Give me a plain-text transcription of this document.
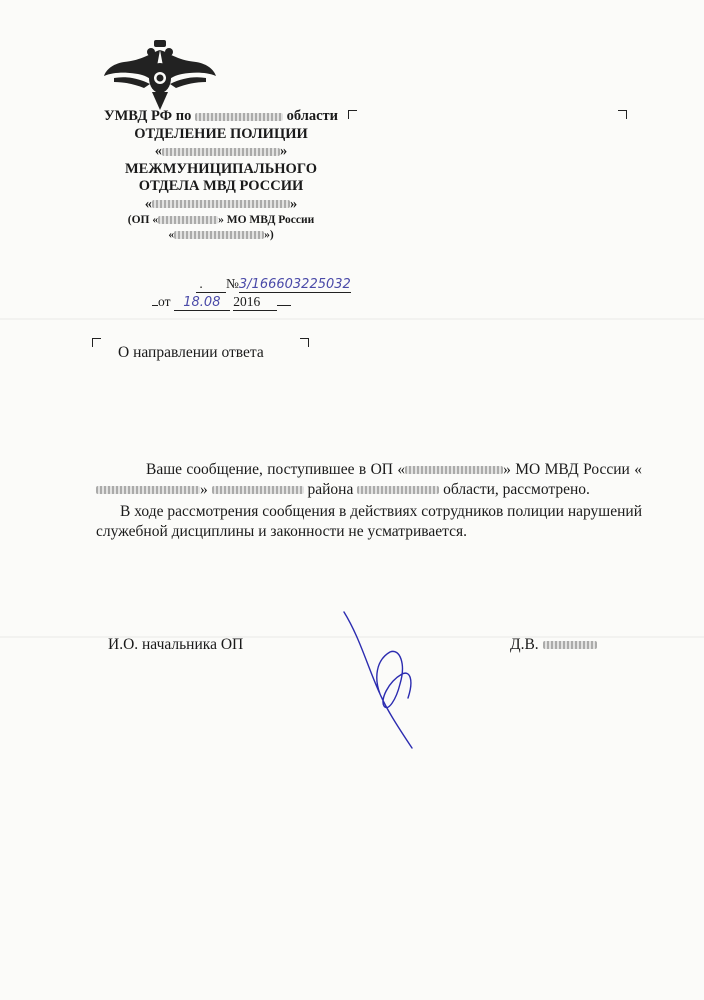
УМВД РФ по	области
ОТДЕЛЕНИЕ ПОЛИЦИИ
«	»
МЕЖМУНИЦИПАЛЬНОГО
ОТДЕЛА МВД РОССИИ
«	»
(ОП «	» МО МВД России
«	»)
. №3/166603225032
от 18.08 2016
О направлении ответа

Ваше сообщение, поступившее в ОП «	» МО МВД России «»	района	области, рассмотрено.

В ходе рассмотрения сообщения в действиях сотрудников полиции нарушений служебной дисциплины и законности не усматривается.

И.О. начальника ОП	Д.В.
